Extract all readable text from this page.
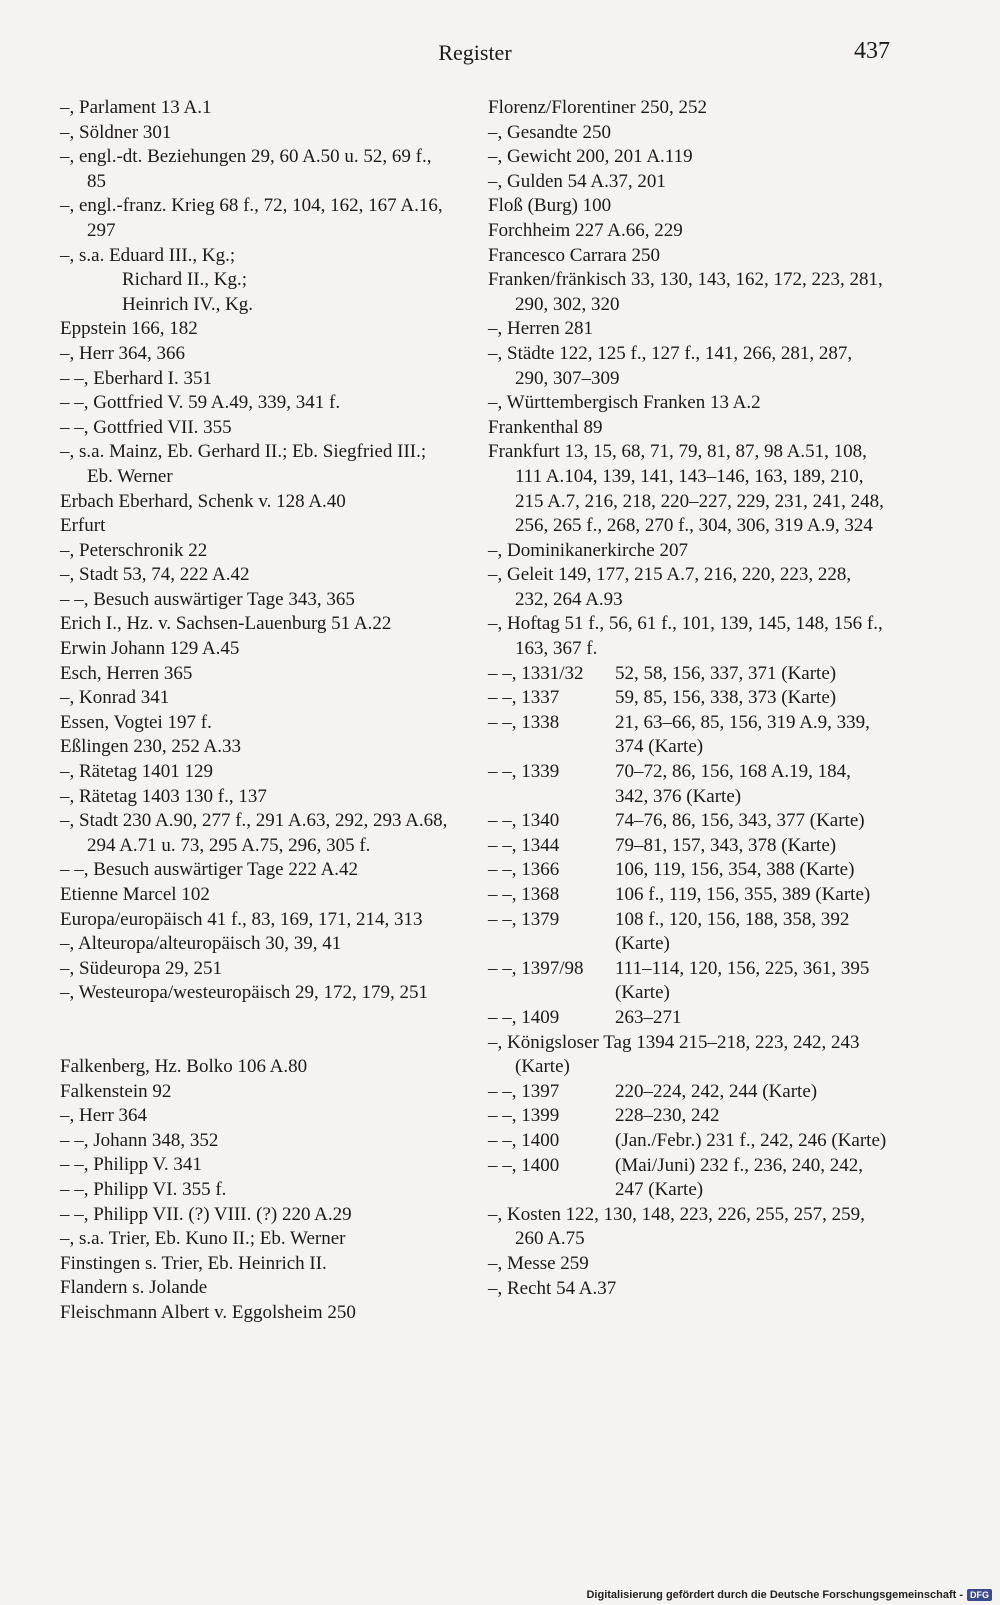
Register	437
–, Parlament 13 A.1
–, Söldner 301
–, engl.-dt. Beziehungen 29, 60 A.50 u. 52, 69 f., 85
–, engl.-franz. Krieg 68 f., 72, 104, 162, 167 A.16, 297
–, s.a. Eduard III., Kg.;
Richard II., Kg.;
Heinrich IV., Kg.
Eppstein 166, 182
–, Herr 364, 366
– –, Eberhard I. 351
– –, Gottfried V. 59 A.49, 339, 341 f.
– –, Gottfried VII. 355
–, s.a. Mainz, Eb. Gerhard II.; Eb. Siegfried III.; Eb. Werner
Erbach Eberhard, Schenk v. 128 A.40
Erfurt
–, Peterschronik 22
–, Stadt 53, 74, 222 A.42
– –, Besuch auswärtiger Tage 343, 365
Erich I., Hz. v. Sachsen-Lauenburg 51 A.22
Erwin Johann 129 A.45
Esch, Herren 365
–, Konrad 341
Essen, Vogtei 197 f.
Eßlingen 230, 252 A.33
–, Rätetag 1401 129
–, Rätetag 1403 130 f., 137
–, Stadt 230 A.90, 277 f., 291 A.63, 292, 293 A.68, 294 A.71 u. 73, 295 A.75, 296, 305 f.
– –, Besuch auswärtiger Tage 222 A.42
Etienne Marcel 102
Europa/europäisch 41 f., 83, 169, 171, 214, 313
–, Alteuropa/alteuropäisch 30, 39, 41
–, Südeuropa 29, 251
–, Westeuropa/westeuropäisch 29, 172, 179, 251
Falkenberg, Hz. Bolko 106 A.80
Falkenstein 92
–, Herr 364
– –, Johann 348, 352
– –, Philipp V. 341
– –, Philipp VI. 355 f.
– –, Philipp VII. (?) VIII. (?) 220 A.29
–, s.a. Trier, Eb. Kuno II.; Eb. Werner
Finstingen s. Trier, Eb. Heinrich II.
Flandern s. Jolande
Fleischmann Albert v. Eggolsheim 250
Florenz/Florentiner 250, 252
–, Gesandte 250
–, Gewicht 200, 201 A.119
–, Gulden 54 A.37, 201
Floß (Burg) 100
Forchheim 227 A.66, 229
Francesco Carrara 250
Franken/fränkisch 33, 130, 143, 162, 172, 223, 281, 290, 302, 320
–, Herren 281
–, Städte 122, 125 f., 127 f., 141, 266, 281, 287, 290, 307–309
–, Württembergisch Franken 13 A.2
Frankenthal 89
Frankfurt 13, 15, 68, 71, 79, 81, 87, 98 A.51, 108, 111 A.104, 139, 141, 143–146, 163, 189, 210, 215 A.7, 216, 218, 220–227, 229, 231, 241, 248, 256, 265 f., 268, 270 f., 304, 306, 319 A.9, 324
–, Dominikanerkirche 207
–, Geleit 149, 177, 215 A.7, 216, 220, 223, 228, 232, 264 A.93
–, Hoftag 51 f., 56, 61 f., 101, 139, 145, 148, 156 f., 163, 367 f.
– –, 1331/32	52, 58, 156, 337, 371 (Karte)
– –, 1337	59, 85, 156, 338, 373 (Karte)
– –, 1338	21, 63–66, 85, 156, 319 A.9, 339, 374 (Karte)
– –, 1339	70–72, 86, 156, 168 A.19, 184, 342, 376 (Karte)
– –, 1340	74–76, 86, 156, 343, 377 (Karte)
– –, 1344	79–81, 157, 343, 378 (Karte)
– –, 1366	106, 119, 156, 354, 388 (Karte)
– –, 1368	106 f., 119, 156, 355, 389 (Karte)
– –, 1379	108 f., 120, 156, 188, 358, 392 (Karte)
– –, 1397/98	111–114, 120, 156, 225, 361, 395 (Karte)
– –, 1409	263–271
–, Königsloser Tag 1394 215–218, 223, 242, 243 (Karte)
– –, 1397	220–224, 242, 244 (Karte)
– –, 1399	228–230, 242
– –, 1400	(Jan./Febr.) 231 f., 242, 246 (Karte)
– –, 1400	(Mai/Juni) 232 f., 236, 240, 242, 247 (Karte)
–, Kosten 122, 130, 148, 223, 226, 255, 257, 259, 260 A.75
–, Messe 259
–, Recht 54 A.37
Digitalisierung gefördert durch die Deutsche Forschungsgemeinschaft - DFG
